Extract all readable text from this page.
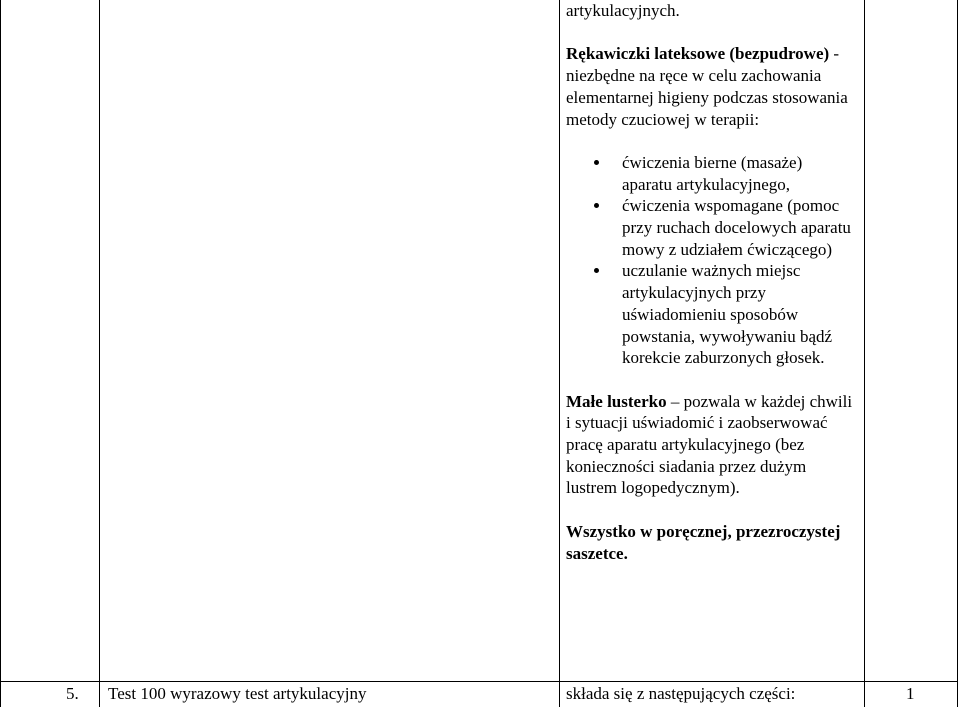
artykulacyjnych.

Rękawiczki lateksowe (bezpudrowe) - niezbędne na ręce w celu zachowania elementarnej higieny podczas stosowania metody czuciowej w terapii:

ćwiczenia bierne (masaże) aparatu artykulacyjnego,
ćwiczenia wspomagane (pomoc przy ruchach docelowych aparatu mowy z udziałem ćwiczącego)
uczulanie ważnych miejsc artykulacyjnych przy uświadomieniu sposobów powstania, wywoływaniu bądź korekcie zaburzonych głosek.

Małe lusterko – pozwala w każdej chwili i sytuacji uświadomić i zaobserwować pracę aparatu artykulacyjnego (bez konieczności siadania przez dużym lustrem logopedycznym).

Wszystko w poręcznej, przezroczystej saszetce.

5. Test 100 wyrazowy test artykulacyjny	składa się z następujących części:	1
